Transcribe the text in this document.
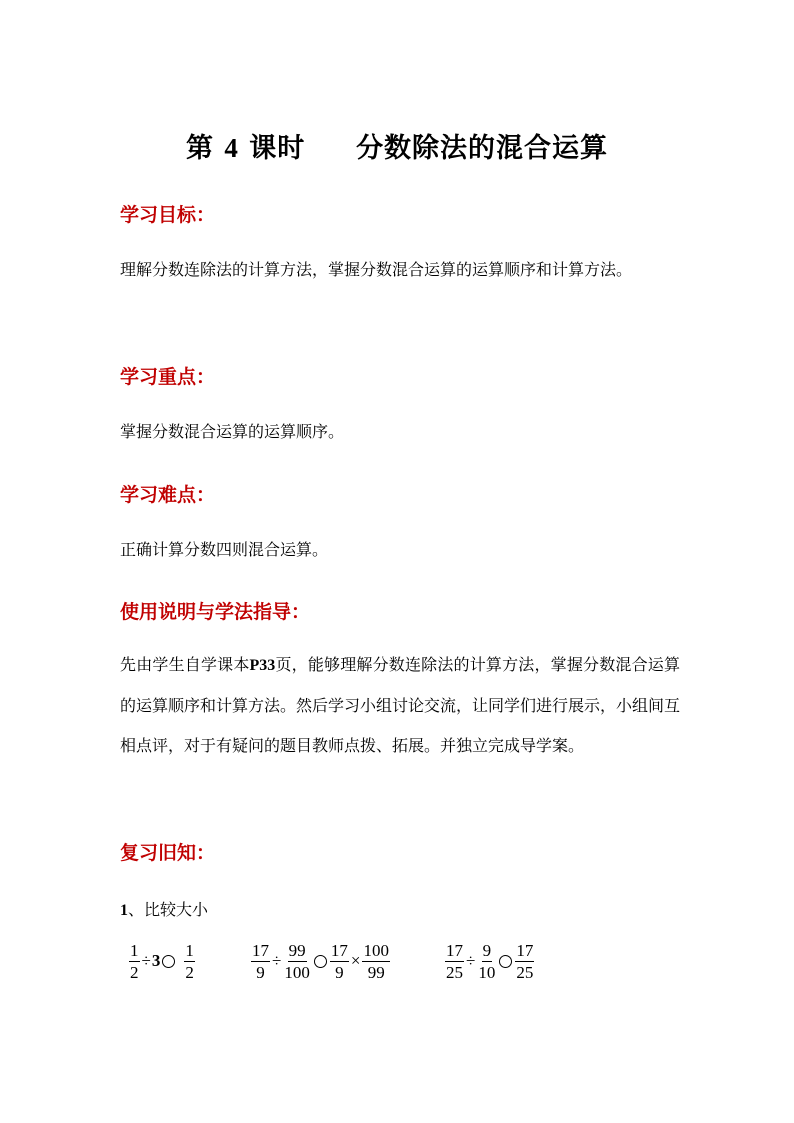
第 4 课时 分数除法的混合运算
学习目标：
理解分数连除法的计算方法，掌握分数混合运算的运算顺序和计算方法。
学习重点：
掌握分数混合运算的运算顺序。
学习难点：
正确计算分数四则混合运算。
使用说明与学法指导：
先由学生自学课本P33页，能够理解分数连除法的计算方法，掌握分数混合运算的运算顺序和计算方法。然后学习小组讨论交流，让同学们进行展示，小组间互相点评，对于有疑问的题目教师点拨、拓展。并独立完成导学案。
复习旧知：
1、比较大小
$\frac{1}{2} \div 3 \frac{1}{2}$	$\frac{17}{9} \div \frac{99}{100} \frac{17}{9} \times \frac{100}{99}$	$\frac{17}{25} \div \frac{9}{10} \frac{17}{25}$
